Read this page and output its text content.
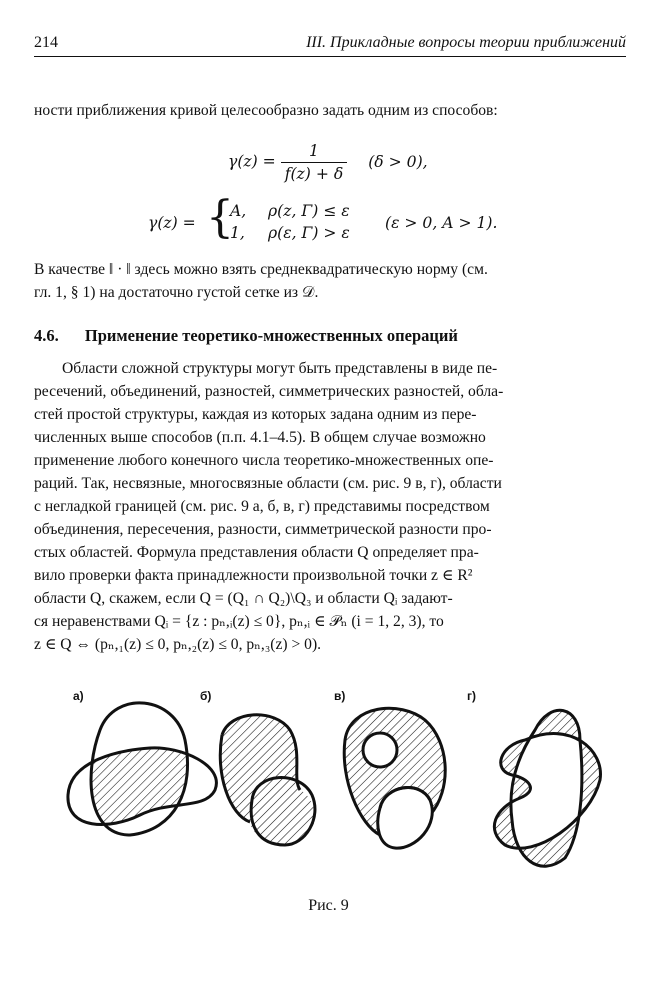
214	III. Прикладные вопросы теории приближений
ности приближения кривой целесообразно задать одним из способов:
$\gamma(z) = \frac{1}{f(z) + \delta} (\delta > 0)$,
γ(z) = {
A, ρ(z, Γ) ≤ ε
1, ρ(ε, Γ) > ε
(ε > 0, A > 1).
В качестве ‖ · ‖ здесь можно взять среднеквадратическую норму (см.
гл. 1, § 1) на достаточно густой сетке из 𝒟.
4.6. Применение теоретико-множественных операций
Области сложной структуры могут быть представлены в виде пе-
ресечений, объединений, разностей, симметрических разностей, обла-
стей простой структуры, каждая из которых задана одним из пере-
численных выше способов (п.п. 4.1–4.5). В общем случае возможно
применение любого конечного числа теоретико-множественных опе-
раций. Так, несвязные, многосвязные области (см. рис. 9 в, г), области
с негладкой границей (см. рис. 9 а, б, в, г) представимы посредством
объединения, пересечения, разности, симметрической разности про-
стых областей. Формула представления области Q определяет пра-
вило проверки факта принадлежности произвольной точки z ∈ R²
области Q, скажем, если Q = (Q₁ ∩ Q₂)\Q₃ и области Qᵢ задают-
ся неравенствами Qᵢ = {z : pₙ,ᵢ(z) ≤ 0}, pₙ,ᵢ ∈ 𝒫ₙ (i = 1, 2, 3), то
z ∈ Q ⇔ (pₙ,₁(z) ≤ 0, pₙ,₂(z) ≤ 0, pₙ,₃(z) > 0).
а)	б)	в)	г)
Рис. 9
